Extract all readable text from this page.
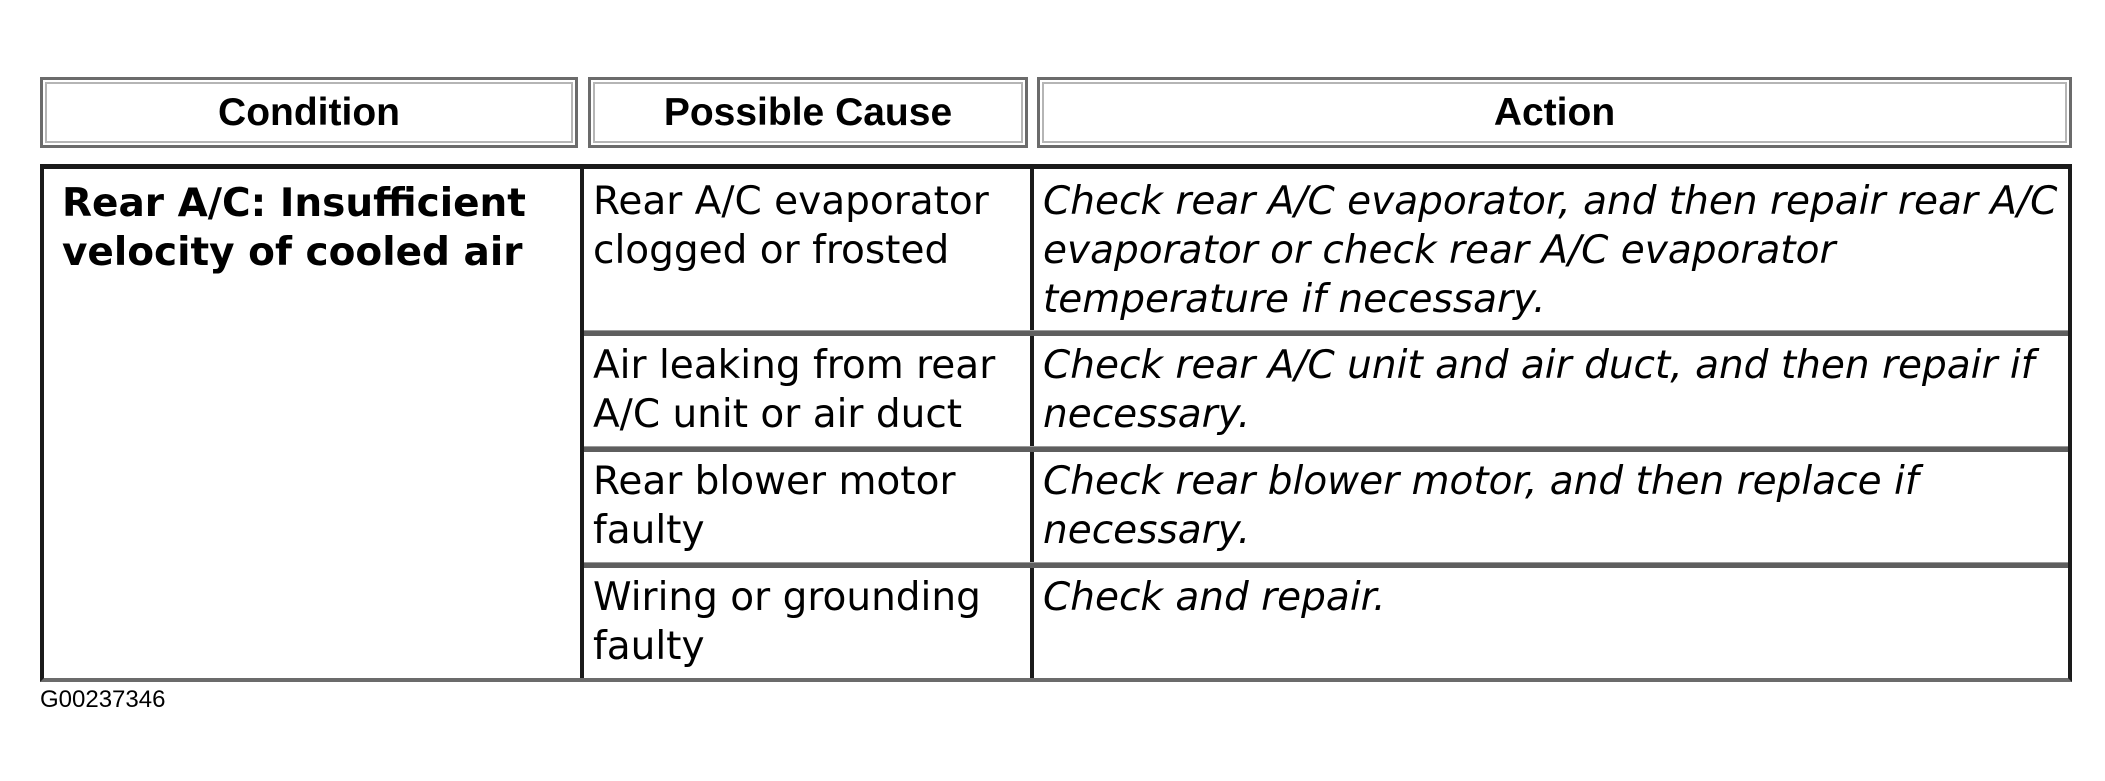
Condition	Possible Cause	Action
Rear A/C: Insufficient velocity of cooled air
Rear A/C evaporator clogged or frosted
Check rear A/C evaporator, and then repair rear A/C evaporator or check rear A/C evaporator temperature if necessary.
Air leaking from rear A/C unit or air duct
Check rear A/C unit and air duct, and then repair if necessary.
Rear blower motor faulty
Check rear blower motor, and then replace if necessary.
Wiring or grounding faulty
Check and repair.
G00237346
